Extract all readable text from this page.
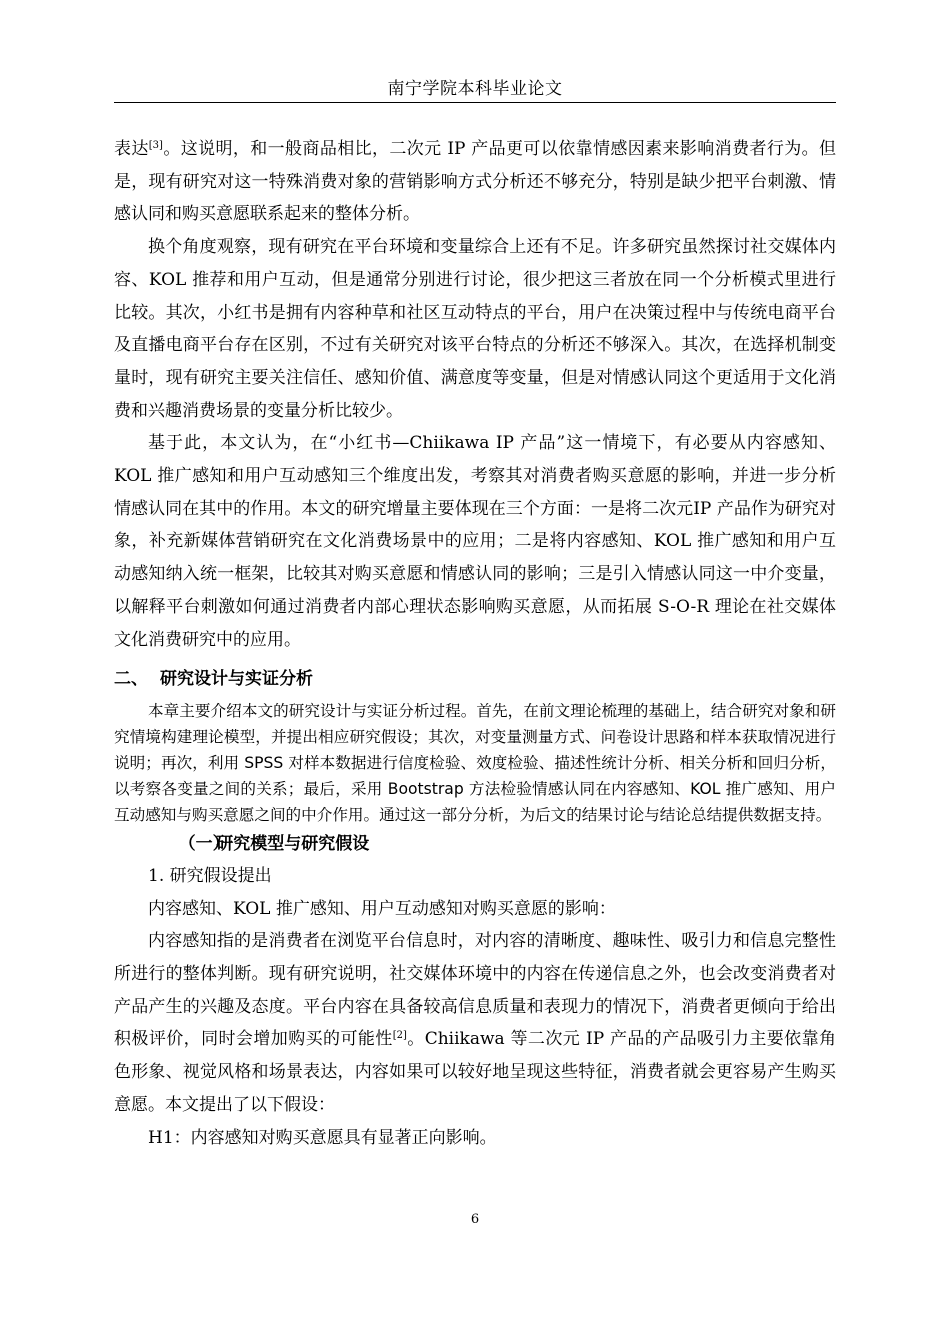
南宁学院本科毕业论文

表达[3]。这说明，和一般商品相比，二次元 IP 产品更可以依靠情感因素来影响消费者行为。但是，现有研究对这一特殊消费对象的营销影响方式分析还不够充分，特别是缺少把平台刺激、情感认同和购买意愿联系起来的整体分析。

换个角度观察，现有研究在平台环境和变量综合上还有不足。许多研究虽然探讨社交媒体内容、KOL 推荐和用户互动，但是通常分别进行讨论，很少把这三者放在同一个分析模式里进行比较。其次，小红书是拥有内容种草和社区互动特点的平台，用户在决策过程中与传统电商平台及直播电商平台存在区别，不过有关研究对该平台特点的分析还不够深入。其次，在选择机制变量时，现有研究主要关注信任、感知价值、满意度等变量，但是对情感认同这个更适用于文化消费和兴趣消费场景的变量分析比较少。

基于此，本文认为，在“小红书—Chiikawa IP 产品”这一情境下，有必要从内容感知、KOL 推广感知和用户互动感知三个维度出发，考察其对消费者购买意愿的影响，并进一步分析情感认同在其中的作用。本文的研究增量主要体现在三个方面：一是将二次元IP 产品作为研究对象，补充新媒体营销研究在文化消费场景中的应用；二是将内容感知、KOL 推广感知和用户互动感知纳入统一框架，比较其对购买意愿和情感认同的影响；三是引入情感认同这一中介变量，以解释平台刺激如何通过消费者内部心理状态影响购买意愿，从而拓展 S-O-R 理论在社交媒体文化消费研究中的应用。

二、 研究设计与实证分析

本章主要介绍本文的研究设计与实证分析过程。首先，在前文理论梳理的基础上，结合研究对象和研究情境构建理论模型，并提出相应研究假设；其次，对变量测量方式、问卷设计思路和样本获取情况进行说明；再次，利用 SPSS 对样本数据进行信度检验、效度检验、描述性统计分析、相关分析和回归分析，以考察各变量之间的关系；最后，采用 Bootstrap 方法检验情感认同在内容感知、KOL 推广感知、用户互动感知与购买意愿之间的中介作用。通过这一部分分析，为后文的结果讨论与结论总结提供数据支持。

（一）研究模型与研究假设

1. 研究假设提出

内容感知、KOL 推广感知、用户互动感知对购买意愿的影响：

内容感知指的是消费者在浏览平台信息时，对内容的清晰度、趣味性、吸引力和信息完整性所进行的整体判断。现有研究说明，社交媒体环境中的内容在传递信息之外，也会改变消费者对产品产生的兴趣及态度。平台内容在具备较高信息质量和表现力的情况下，消费者更倾向于给出积极评价，同时会增加购买的可能性[2]。Chiikawa 等二次元 IP 产品的产品吸引力主要依靠角色形象、视觉风格和场景表达，内容如果可以较好地呈现这些特征，消费者就会更容易产生购买意愿。本文提出了以下假设：

H1：内容感知对购买意愿具有显著正向影响。

6
